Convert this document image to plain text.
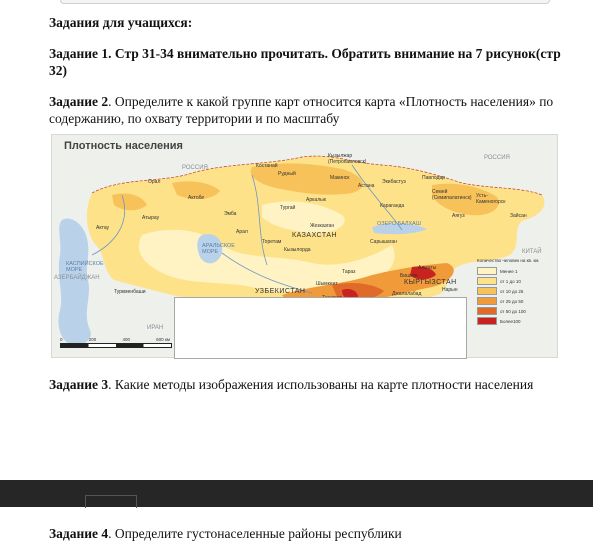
Задания для учащихся:
Задание 1. Стр 31-34 внимательно прочитать. Обратить внимание на 7 рисунок(стр 32)
Задание 2. Определите к какой группе карт относится карта «Плотность населения» по содержанию, по охвату территории и по масштабу
Плотность населения
РОССИЯ
РОССИЯ
КАЗАХСТАН
КИТАЙ
УЗБЕКИСТАН
КЫРГЫЗСТАН
ИРАН
АЗЕРБАЙДЖАН
КАСПИЙСКОЕ МОРЕ
АРАЛЬСКОЕ МОРЕ
ОЗЕРО БАЛХАШ
Кызылжар (Петропавловск)
Костанай
Рудный
Макинск
Экибастуз
Павлодар
Орал
Актобе
Астана
Семей (Семипалатинск) Усть-Каменогорск
Аркалык
Караганда
Атырау
Эмба
Тургай
Аягуз	Зайсан
Жезказган
Сарышаган
Арал
Торетам
Кызылорда
Актау
Тараз
Шымкент
Алматы
Бишкек
Нарын
Туркменбаши	Джалалабад
0	200	400	600 км
Количество человек на кв. км
Менее 1
от 1 до 10
от 10 до 25
от 25 до 50
от 50 до 100
Более100
Задание 3. Какие методы изображения использованы на карте плотности населения
Задание 4. Определите густонаселенные районы республики
